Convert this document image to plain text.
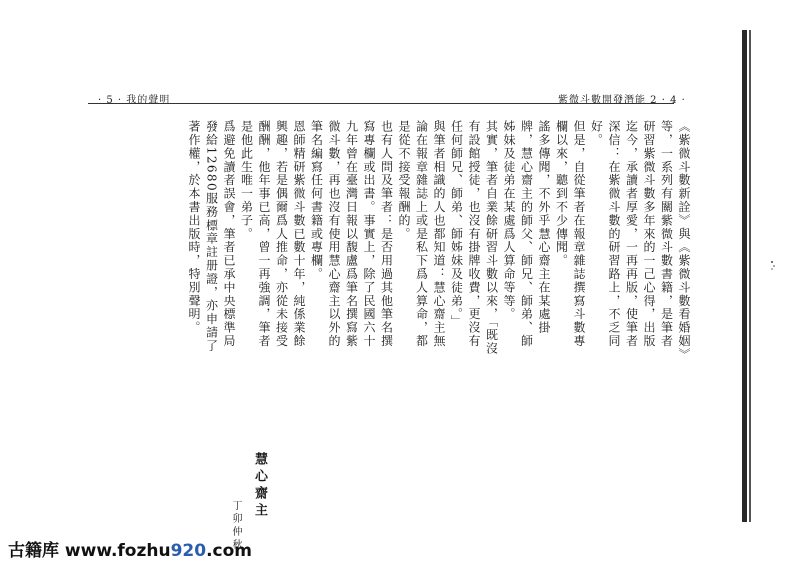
· 5 · 我的聲明	紫微斗數開發潛能 2 · 4 ·

《紫微斗數新詮》與《紫微斗數看婚姻》等，一系列有關紫微斗數書籍，是筆者研習紫微斗數多年來的一己心得，出版迄今，承讀者厚愛，一再再版，使筆者深信：在紫微斗數的研習路上，不乏同好。

但是，自從筆者在報章雜誌撰寫斗數專欄以來，聽到不少傳聞。

謠多傳聞，不外乎慧心齋主在某處掛牌，慧心齋主的師父、師兄、師弟、師姊妹及徒弟在某處爲人算命等等。

其實，筆者自業餘研習斗數以來，「既沒有設館授徒，也沒有掛牌收費，更沒有任何師兄、師弟、師姊妹及徒弟。」

與筆者相識的人也都知道：慧心齋主無論在報章雜誌上或是私下爲人算命，都是從不接受報酬的。

也有人問及筆者：是否用過其他筆名撰寫專欄或出書。事實上，除了民國六十九年曾在臺灣日報以馥盧爲筆名撰寫紫微斗數，再也沒有使用慧心齋主以外的筆名編寫任何書籍或專欄。

恩師精研紫微斗數已數十年，純係業餘興趣，若是偶爾爲人推命，亦從未接受酬酬，他年事已高，曾一再強調，筆者是他此生唯一弟子。

爲避免讀者誤會，筆者已承中央標準局發給12680服務標章註册證，亦申請了著作權，於本書出版時，特別聲明。

慧心齋主
丁卯仲秋
古籍库 www.fozhu920.com
